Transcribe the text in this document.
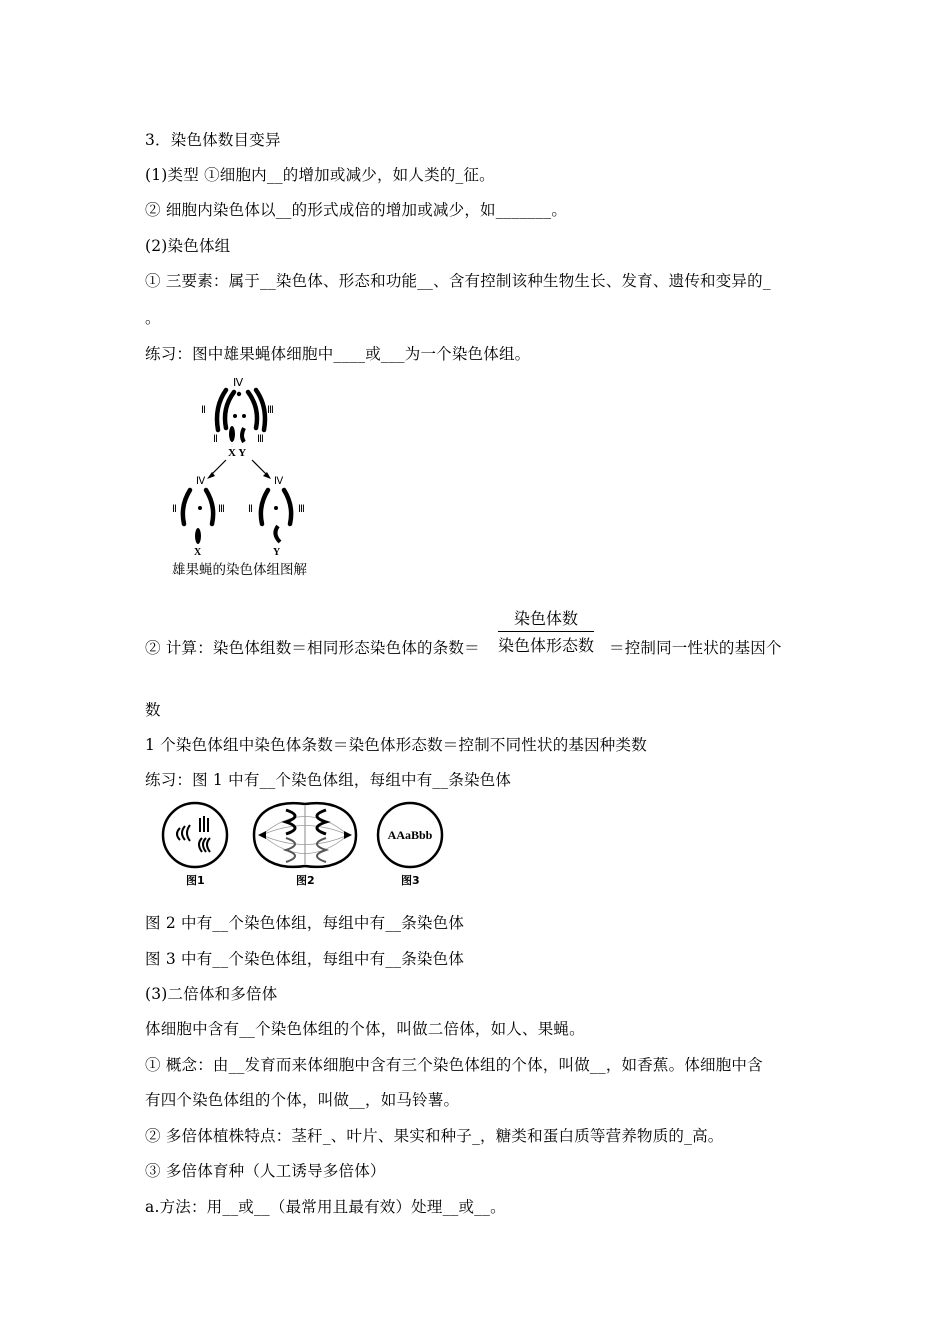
3．染色体数目变异
(1)类型 ①细胞内__的增加或减少，如人类的_征。
② 细胞内染色体以__的形式成倍的增加或减少，如_______。
(2)染色体组
① 三要素：属于__染色体、形态和功能__、含有控制该种生物生长、发育、遗传和变异的_
。
练习：图中雄果蝇体细胞中____或___为一个染色体组。
Ⅳ
Ⅱ	Ⅲ
Ⅱ	Ⅲ
X Y
Ⅳ
Ⅱ	Ⅲ
X
Ⅳ
Ⅱ	Ⅲ
Y
雄果蝇的染色体组图解
② 计算：染色体组数＝相同形态染色体的条数＝
染色体数
染色体形态数 ＝控制同一性状的基因个
数
1 个染色体组中染色体条数＝染色体形态数＝控制不同性状的基因种类数
练习：图 1 中有__个染色体组，每组中有__条染色体
图1	图2
AAaBbb
图3
图 2 中有__个染色体组，每组中有__条染色体
图 3 中有__个染色体组，每组中有__条染色体
(3)二倍体和多倍体
体细胞中含有__个染色体组的个体，叫做二倍体，如人、果蝇。
① 概念：由__发育而来体细胞中含有三个染色体组的个体，叫做__，如香蕉。体细胞中含
有四个染色体组的个体，叫做__，如马铃薯。
② 多倍体植株特点：茎秆_、叶片、果实和种子_，糖类和蛋白质等营养物质的_高。
③ 多倍体育种（人工诱导多倍体）
a.方法：用__或__（最常用且最有效）处理__或__。
